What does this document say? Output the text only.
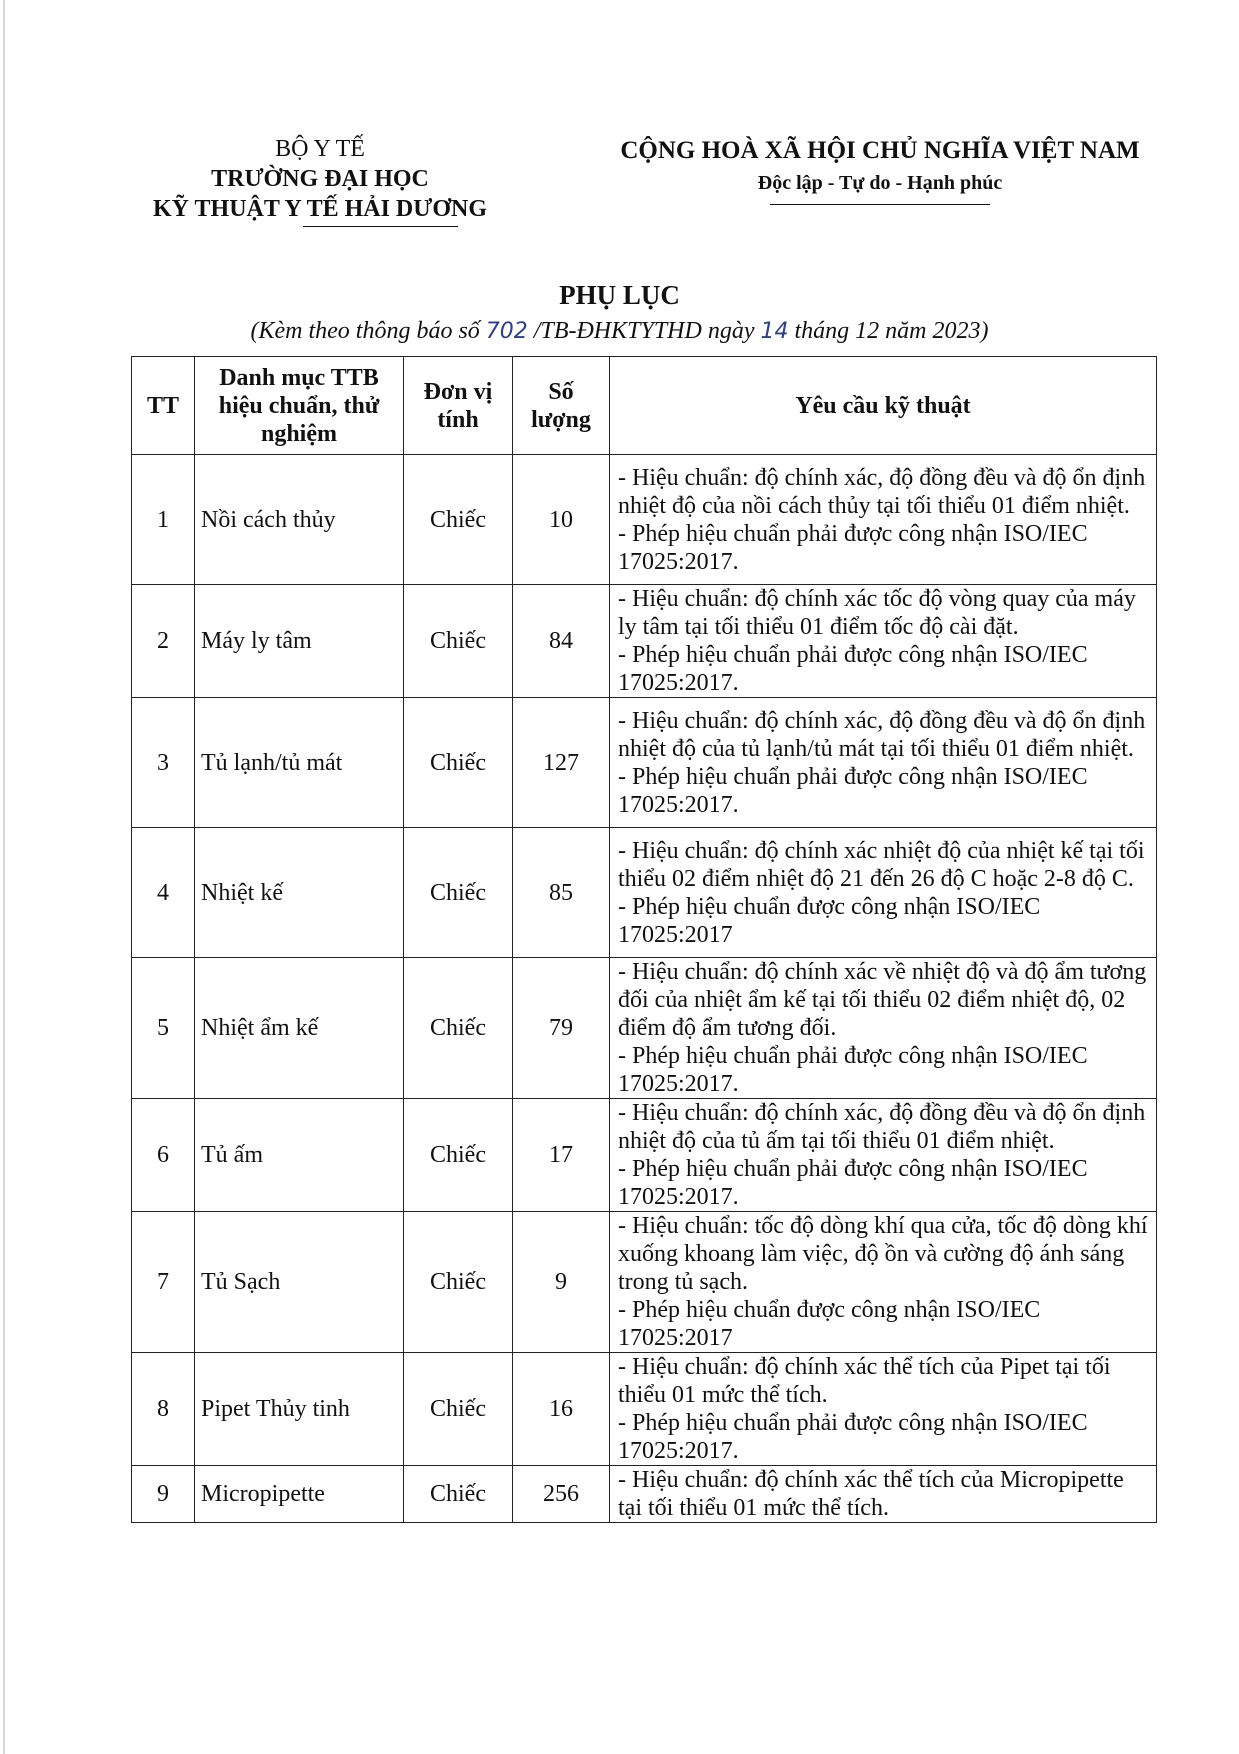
BỘ Y TẾ
TRƯỜNG ĐẠI HỌC
KỸ THUẬT Y TẾ HẢI DƯƠNG
CỘNG HOÀ XÃ HỘI CHỦ NGHĨA VIỆT NAM
Độc lập - Tự do - Hạnh phúc
PHỤ LỤC
(Kèm theo thông báo số 702 /TB-ĐHKTYTHD ngày 14 tháng 12 năm 2023)
TT	Danh mục TTB hiệu chuẩn, thử nghiệm	Đơn vị tính	Số lượng	Yêu cầu kỹ thuật
1	Nồi cách thủy	Chiếc	10	- Hiệu chuẩn: độ chính xác, độ đồng đều và độ ổn định nhiệt độ của nồi cách thủy tại tối thiểu 01 điểm nhiệt.
- Phép hiệu chuẩn phải được công nhận ISO/IEC 17025:2017.

2	Máy ly tâm	Chiếc	84	- Hiệu chuẩn: độ chính xác tốc độ vòng quay của máy ly tâm tại tối thiểu 01 điểm tốc độ cài đặt.
- Phép hiệu chuẩn phải được công nhận ISO/IEC 17025:2017.

3	Tủ lạnh/tủ mát	Chiếc	127	- Hiệu chuẩn: độ chính xác, độ đồng đều và độ ổn định nhiệt độ của tủ lạnh/tủ mát tại tối thiểu 01 điểm nhiệt.
- Phép hiệu chuẩn phải được công nhận ISO/IEC 17025:2017.

4	Nhiệt kế	Chiếc	85	- Hiệu chuẩn: độ chính xác nhiệt độ của nhiệt kế tại tối thiểu 02 điểm nhiệt độ 21 đến 26 độ C hoặc 2-8 độ C.
- Phép hiệu chuẩn được công nhận ISO/IEC 17025:2017

5	Nhiệt ẩm kế	Chiếc	79	- Hiệu chuẩn: độ chính xác về nhiệt độ và độ ẩm tương đối của nhiệt ẩm kế tại tối thiểu 02 điểm nhiệt độ, 02 điểm độ ẩm tương đối.
- Phép hiệu chuẩn phải được công nhận ISO/IEC 17025:2017.

6	Tủ ấm	Chiếc	17	- Hiệu chuẩn: độ chính xác, độ đồng đều và độ ổn định nhiệt độ của tủ ấm tại tối thiểu 01 điểm nhiệt.
- Phép hiệu chuẩn phải được công nhận ISO/IEC 17025:2017.

7	Tủ Sạch	Chiếc	9	- Hiệu chuẩn: tốc độ dòng khí qua cửa, tốc độ dòng khí xuống khoang làm việc, độ ồn và cường độ ánh sáng trong tủ sạch.
- Phép hiệu chuẩn được công nhận ISO/IEC 17025:2017

8	Pipet Thủy tinh	Chiếc	16	- Hiệu chuẩn: độ chính xác thể tích của Pipet tại tối thiểu 01 mức thể tích.
- Phép hiệu chuẩn phải được công nhận ISO/IEC 17025:2017.

9	Micropipette	Chiếc	256	- Hiệu chuẩn: độ chính xác thể tích của Micropipette tại tối thiểu 01 mức thể tích.
